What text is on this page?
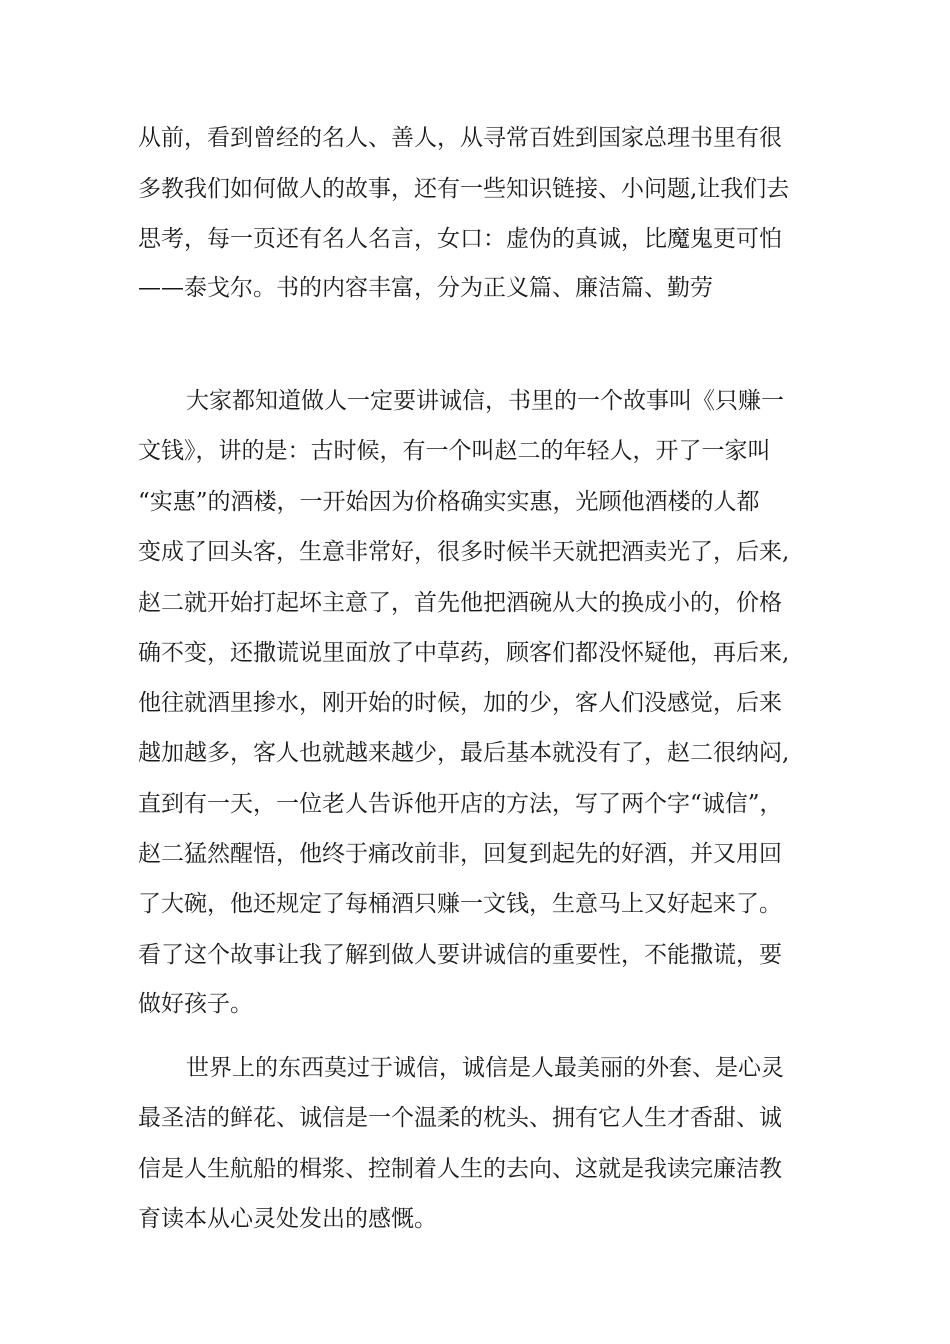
从前，看到曾经的名人、善人，从寻常百姓到国家总理书里有很
多教我们如何做人的故事，还有一些知识链接、小问题,让我们去
思考，每一页还有名人名言，女口：虚伪的真诚，比魔鬼更可怕
——泰戈尔。书的内容丰富，分为正义篇、廉洁篇、勤劳
大家都知道做人一定要讲诚信，书里的一个故事叫《只赚一
文钱》，讲的是：古时候，有一个叫赵二的年轻人，开了一家叫
“实惠”的酒楼，一开始因为价格确实实惠，光顾他酒楼的人都
变成了回头客，生意非常好，很多时候半天就把酒卖光了，后来,
赵二就开始打起坏主意了，首先他把酒碗从大的换成小的，价格
确不变，还撒谎说里面放了中草药，顾客们都没怀疑他，再后来,
他往就酒里掺水，刚开始的时候，加的少，客人们没感觉，后来
越加越多，客人也就越来越少，最后基本就没有了，赵二很纳闷,
直到有一天，一位老人告诉他开店的方法，写了两个字“诚信”，
赵二猛然醒悟，他终于痛改前非，回复到起先的好酒，并又用回
了大碗，他还规定了每桶酒只赚一文钱，生意马上又好起来了。
看了这个故事让我了解到做人要讲诚信的重要性，不能撒谎，要
做好孩子。
世界上的东西莫过于诚信，诚信是人最美丽的外套、是心灵
最圣洁的鲜花、诚信是一个温柔的枕头、拥有它人生才香甜、诚
信是人生航船的楫浆、控制着人生的去向、这就是我读完廉洁教
育读本从心灵处发出的感慨。
